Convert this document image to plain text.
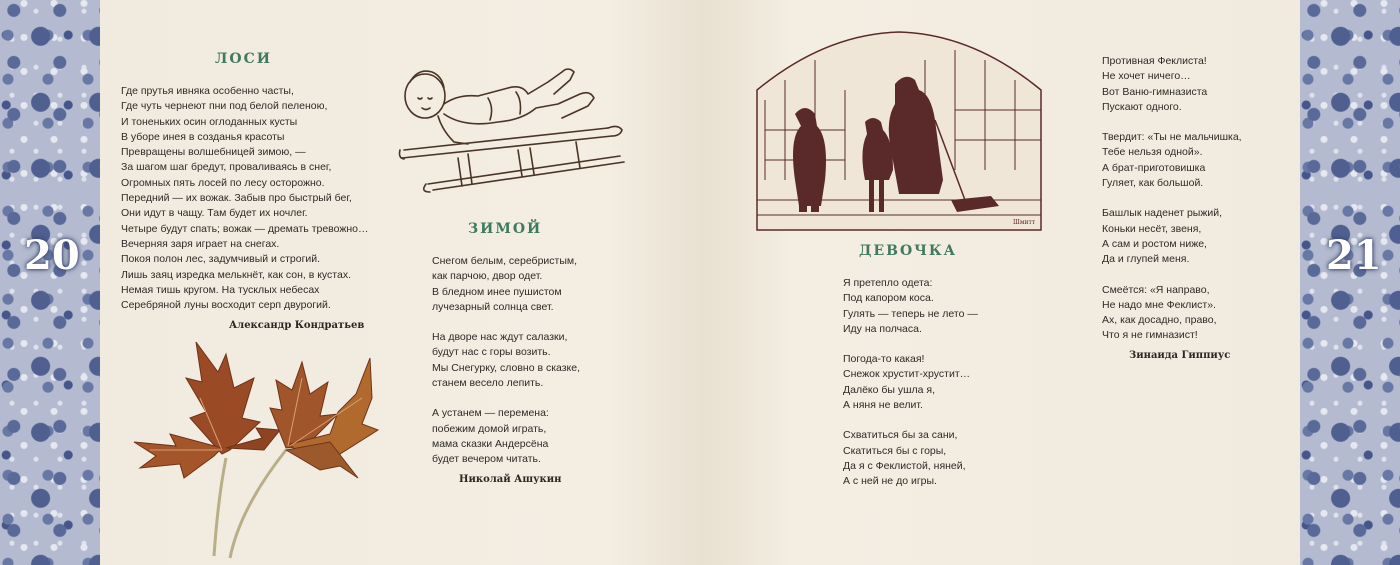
20	21
ЛОСИ
Где прутья ивняка особенно часты,
Где чуть чернеют пни под белой пеленою,
И тоненьких осин оглоданных кусты
В уборе инея в созданья красоты
Превращены волшебницей зимою, —
За шагом шаг бредут, проваливаясь в снег,
Огромных пять лосей по лесу осторожно.
Передний — их вожак. Забыв про быстрый бег,
Они идут в чащу. Там будет их ночлег.
Четыре будут спать; вожак — дремать тревожно…
Вечерняя заря играет на снегах.
Покоя полон лес, задумчивый и строгий.
Лишь заяц изредка мелькнёт, как сон, в кустах.
Немая тишь кругом. На тусклых небесах
Серебряной луны восходит серп двурогий.

Александр Кондратьев

ЗИМОЙ
Снегом белым, серебристым,
как парчою, двор одет.
В бледном инее пушистом
лучезарный солнца свет.
На дворе нас ждут салазки,
будут нас с горы возить.
Мы Снегурку, словно в сказке,
станем весело лепить.
А устанем — перемена:
побежим домой играть,
мама сказки Андерсёна
будет вечером читать.

Николай Ашукин

ДЕВОЧКА
Я претепло одета:
Под капором коса.
Гулять — теперь не лето —
Иду на полчаса.
Погода-то какая!
Снежок хрустит-хрустит…
Далёко бы ушла я,
А няня не велит.
Схватиться бы за сани,
Скатиться бы с горы,
Да я с Феклистой, няней,
А с ней не до игры.
Противная Феклиста!
Не хочет ничего…
Вот Ваню-гимназиста
Пускают одного.
Твердит: «Ты не мальчишка,
Тебе нельзя одной».
А брат-приготовишка
Гуляет, как большой.
Башлык наденет рыжий,
Коньки несёт, звеня,
А сам и ростом ниже,
Да и глупей меня.
Смеётся: «Я направо,
Не надо мне Феклист».
Ах, как досадно, право,
Что я не гимназист!

Зинаида Гиппиус

Шмитт
